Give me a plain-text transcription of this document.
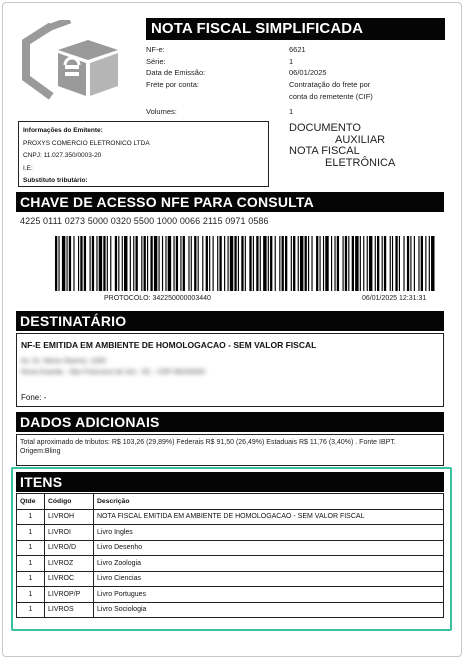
NOTA FISCAL SIMPLIFICADA
NF-e:	6621
Série:	1
Data de Emissão:	06/01/2025
Frete por conta:	Contratação do frete por
conta do remetente (CIF)
Volumes:	1
Informações do Emitente:
PROXYS COMERCIO ELETRONICO LTDA
CNPJ: 11.027.350/0003-20
I.E:
Substituto tributário:
DOCUMENTO
AUXILIAR
NOTA FISCAL
ELETRÔNICA
CHAVE DE ACESSO NFE PARA CONSULTA
4225 0111 0273 5000 0320 5500 1000 0066 2115 0971 0586
PROTOCOLO: 342250000003440	06/01/2025 12:31:31
DESTINATÁRIO
NF-E EMITIDA EM AMBIENTE DE HOMOLOGACAO - SEM VALOR FISCAL
Av. Dr. Nereu Ramos, 1000
Nova Guarda - São Francisco do Sul - SC - CEP 89240000
Fone: -
DADOS ADICIONAIS
Total aproximado de tributos: R$ 103,26 (29,89%) Federais R$ 91,50 (26,49%) Estaduais R$ 11,76 (3,40%) . Fonte IBPT.
Origem:Bling
ITENS
Qtde	Código	Descrição
1	LIVROH	NOTA FISCAL EMITIDA EM AMBIENTE DE HOMOLOGACAO - SEM VALOR FISCAL
1	LIVROI	Livro Ingles
1	LIVRO/D	Livro Desenho
1	LIVROZ	Livro Zoologia
1	LIVROC	Livro Ciencias
1	LIVROP/P	Livro Portugues
1	LIVROS	Livro Sociologia
